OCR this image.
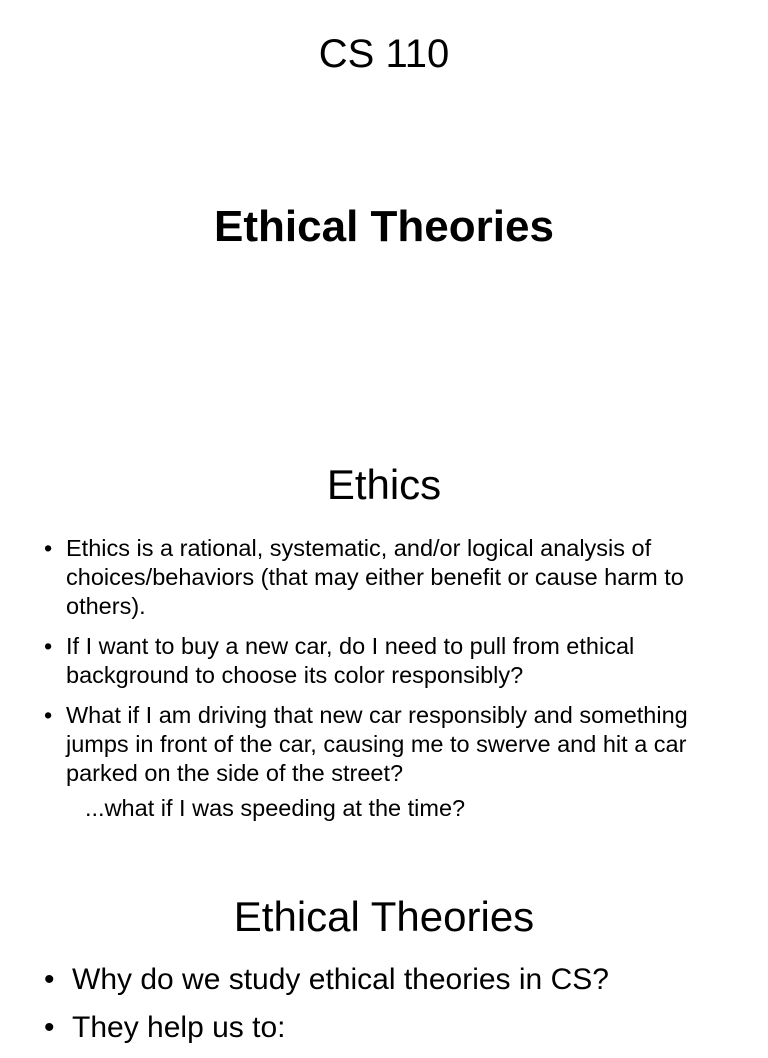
CS 110
Ethical Theories
Ethics
• Ethics is a rational, systematic, and/or logical analysis of choices/behaviors (that may either benefit or cause harm to others).
• If I want to buy a new car, do I need to pull from ethical background to choose its color responsibly?
• What if I am driving that new car responsibly and something jumps in front of the car, causing me to swerve and hit a car parked on the side of the street?
...what if I was speeding at the time?
Ethical Theories
• Why do we study ethical theories in CS?
• They help us to:
